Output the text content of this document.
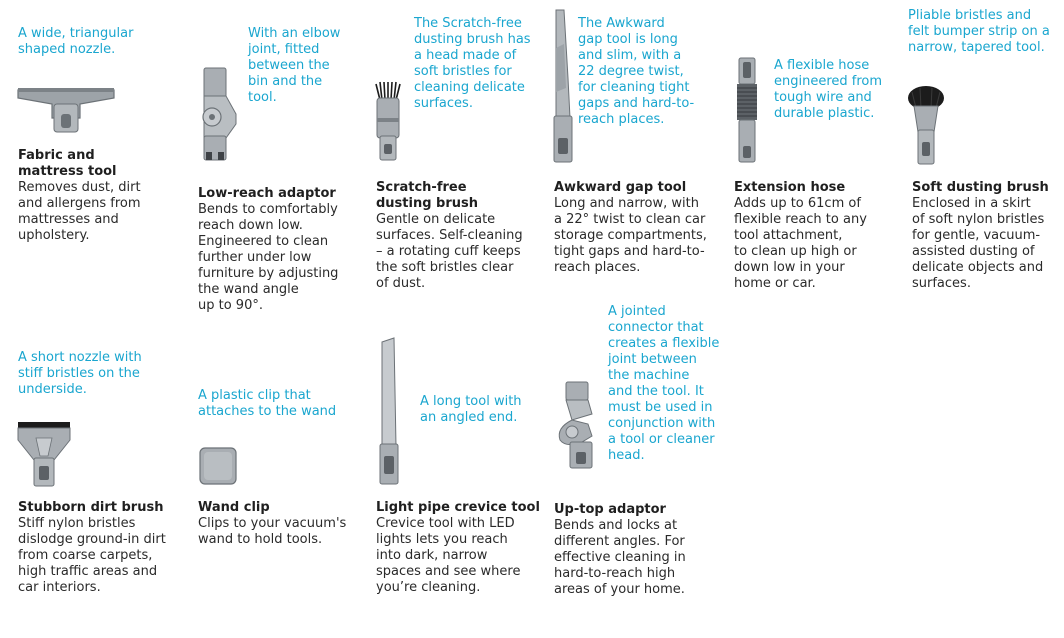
A wide, triangular
shaped nozzle.

Fabric and
mattress tool

Removes dust, dirt
and allergens from
mattresses and
upholstery.

With an elbow
joint, fitted
between the
bin and the
tool.

Low-reach adaptor

Bends to comfortably
reach down low.
Engineered to clean
further under low
furniture by adjusting
the wand angle
up to 90°.

The Scratch-free
dusting brush has
a head made of
soft bristles for
cleaning delicate
surfaces.

Scratch-free
dusting brush

Gentle on delicate
surfaces. Self-cleaning
– a rotating cuff keeps
the soft bristles clear
of dust.

The Awkward
gap tool is long
and slim, with a
22 degree twist,
for cleaning tight
gaps and hard-to-
reach places.

Awkward gap tool

Long and narrow, with
a 22° twist to clean car
storage compartments,
tight gaps and hard-to-
reach places.

A flexible hose
engineered from
tough wire and
durable plastic.

Extension hose

Adds up to 61cm of
flexible reach to any
tool attachment,
to clean up high or
down low in your
home or car.

Pliable bristles and
felt bumper strip on a
narrow, tapered tool.

Soft dusting brush

Enclosed in a skirt
of soft nylon bristles
for gentle, vacuum-
assisted dusting of
delicate objects and
surfaces.

A short nozzle with
stiff bristles on the
underside.

Stubborn dirt brush

Stiff nylon bristles
dislodge ground-in dirt
from coarse carpets,
high traffic areas and
car interiors.

A plastic clip that
attaches to the wand

Wand clip

Clips to your vacuum's
wand to hold tools.

A long tool with
an angled end.

Light pipe crevice tool

Crevice tool with LED
lights lets you reach
into dark, narrow
spaces and see where
you’re cleaning.

A jointed
connector that
creates a flexible
joint between
the machine
and the tool. It
must be used in
conjunction with
a tool or cleaner
head.

Up-top adaptor

Bends and locks at
different angles. For
effective cleaning in
hard-to-reach high
areas of your home.
